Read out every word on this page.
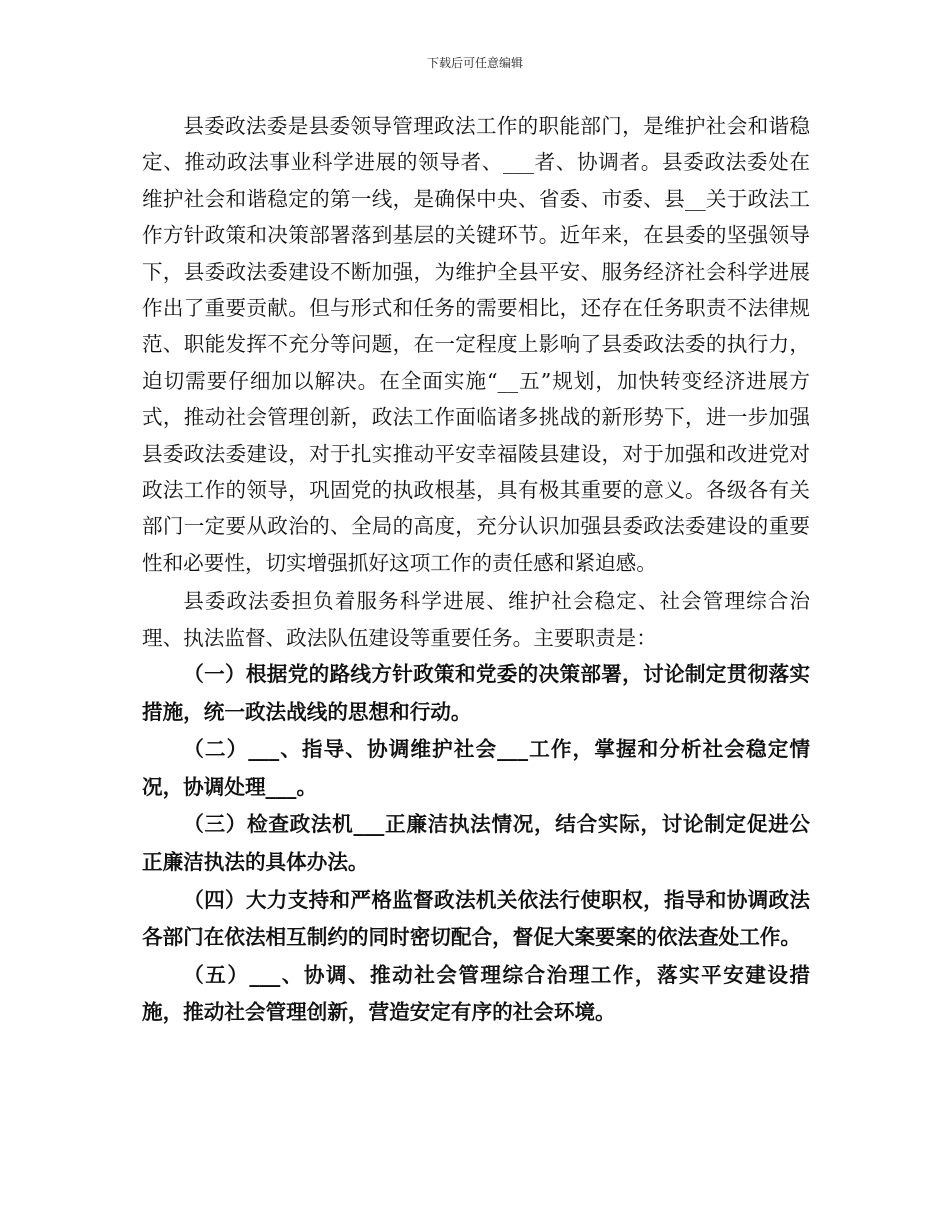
下载后可任意编辑

县委政法委是县委领导管理政法工作的职能部门，是维护社会和谐稳定、推动政法事业科学进展的领导者、___者、协调者。县委政法委处在维护社会和谐稳定的第一线，是确保中央、省委、市委、县__关于政法工作方针政策和决策部署落到基层的关键环节。近年来，在县委的坚强领导下，县委政法委建设不断加强，为维护全县平安、服务经济社会科学进展作出了重要贡献。但与形式和任务的需要相比，还存在任务职责不法律规范、职能发挥不充分等问题，在一定程度上影响了县委政法委的执行力，迫切需要仔细加以解决。在全面实施“__五”规划，加快转变经济进展方式，推动社会管理创新，政法工作面临诸多挑战的新形势下，进一步加强县委政法委建设，对于扎实推动平安幸福陵县建设，对于加强和改进党对政法工作的领导，巩固党的执政根基，具有极其重要的意义。各级各有关部门一定要从政治的、全局的高度，充分认识加强县委政法委建设的重要性和必要性，切实增强抓好这项工作的责任感和紧迫感。

县委政法委担负着服务科学进展、维护社会稳定、社会管理综合治理、执法监督、政法队伍建设等重要任务。主要职责是：

（一）根据党的路线方针政策和党委的决策部署，讨论制定贯彻落实措施，统一政法战线的思想和行动。

（二）___、指导、协调维护社会___工作，掌握和分析社会稳定情况，协调处理___。

（三）检查政法机___正廉洁执法情况，结合实际，讨论制定促进公正廉洁执法的具体办法。

（四）大力支持和严格监督政法机关依法行使职权，指导和协调政法各部门在依法相互制约的同时密切配合，督促大案要案的依法查处工作。

（五）___、协调、推动社会管理综合治理工作，落实平安建设措施，推动社会管理创新，营造安定有序的社会环境。
